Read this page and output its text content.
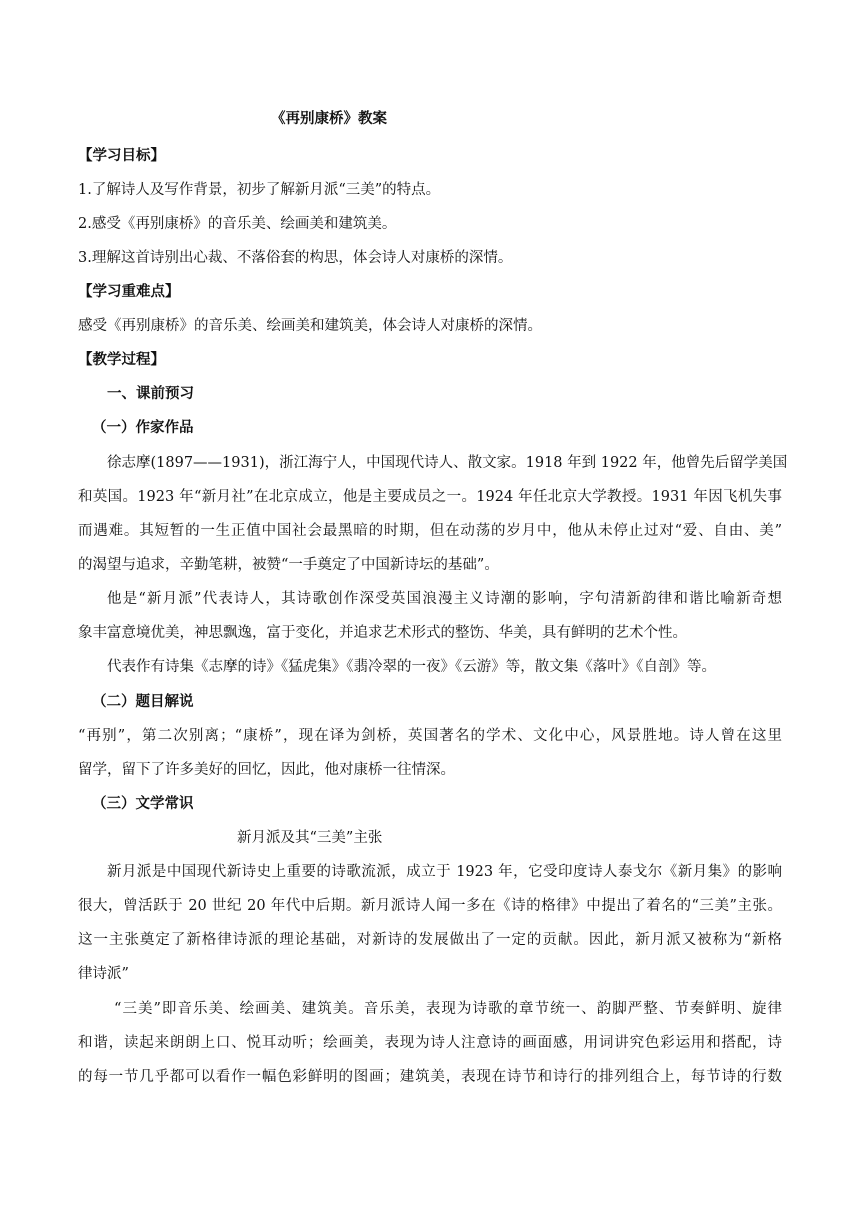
《再别康桥》教案
【学习目标】
1.了解诗人及写作背景，初步了解新月派“三美”的特点。
2.感受《再别康桥》的音乐美、绘画美和建筑美。
3.理解这首诗别出心裁、不落俗套的构思，体会诗人对康桥的深情。
【学习重难点】
感受《再别康桥》的音乐美、绘画美和建筑美，体会诗人对康桥的深情。
【教学过程】
一、课前预习
（一）作家作品
徐志摩(1897——1931)，浙江海宁人，中国现代诗人、散文家。1918 年到 1922 年，他曾先后留学美国
和英国。1923 年“新月社”在北京成立，他是主要成员之一。1924 年任北京大学教授。1931 年因飞机失事
而遇难。其短暂的一生正值中国社会最黑暗的时期，但在动荡的岁月中，他从未停止过对“爱、自由、美”
的渴望与追求，辛勤笔耕，被赞“一手奠定了中国新诗坛的基础”。
他是“新月派”代表诗人，其诗歌创作深受英国浪漫主义诗潮的影响，字句清新韵律和谐比喻新奇想
象丰富意境优美，神思飘逸，富于变化，并追求艺术形式的整饬、华美，具有鲜明的艺术个性。
代表作有诗集《志摩的诗》《猛虎集》《翡冷翠的一夜》《云游》等，散文集《落叶》《自剖》等。
（二）题目解说
“再别”，第二次别离；“康桥”，现在译为剑桥，英国著名的学术、文化中心，风景胜地。诗人曾在这里
留学，留下了许多美好的回忆，因此，他对康桥一往情深。
（三）文学常识
新月派及其“三美”主张
新月派是中国现代新诗史上重要的诗歌流派，成立于 1923 年，它受印度诗人泰戈尔《新月集》的影响
很大，曾活跃于 20 世纪 20 年代中后期。新月派诗人闻一多在《诗的格律》中提出了着名的“三美”主张。
这一主张奠定了新格律诗派的理论基础，对新诗的发展做出了一定的贡献。因此，新月派又被称为“新格
律诗派”
“三美”即音乐美、绘画美、建筑美。音乐美，表现为诗歌的章节统一、韵脚严整、节奏鲜明、旋律
和谐，读起来朗朗上口、悦耳动听；绘画美，表现为诗人注意诗的画面感，用词讲究色彩运用和搭配，诗
的每一节几乎都可以看作一幅色彩鲜明的图画；建筑美，表现在诗节和诗行的排列组合上，每节诗的行数
